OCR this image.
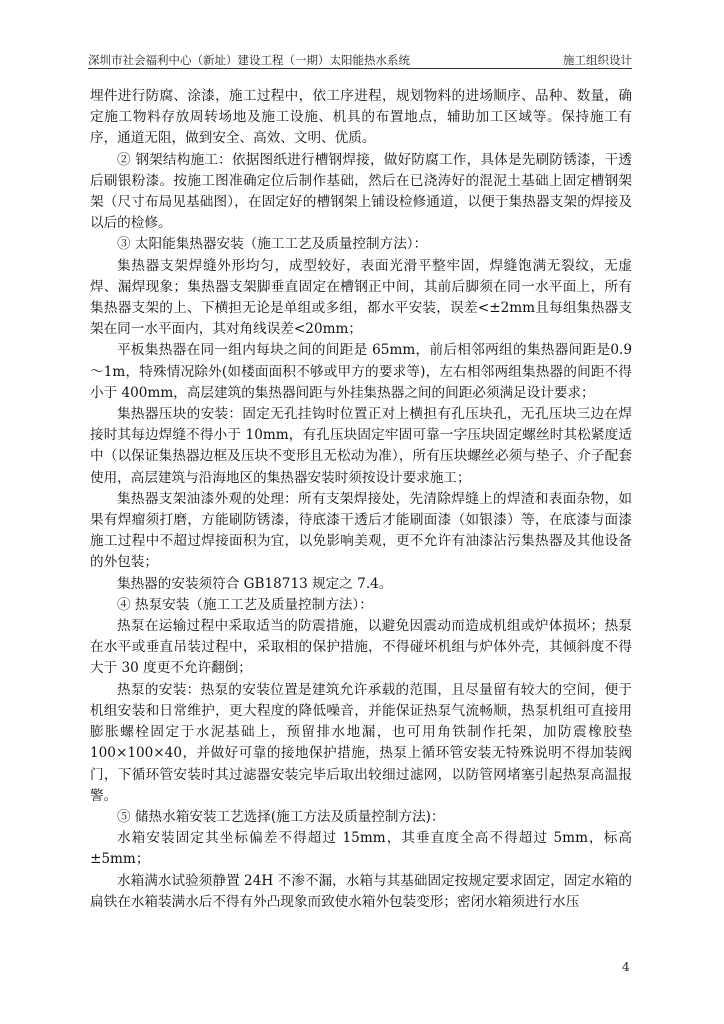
深圳市社会福利中心（新址）建设工程（一期）太阳能热水系统	施工组织设计

埋件进行防腐、涂漆，施工过程中，依工序进程，规划物料的进场顺序、品种、数量，确定施工物料存放周转场地及施工设施、机具的布置地点，辅助加工区域等。保持施工有序，通道无阻，做到安全、高效、文明、优质。

② 钢架结构施工：依据图纸进行槽钢焊接，做好防腐工作，具体是先刷防锈漆，干透后刷银粉漆。按施工图准确定位后制作基础，然后在已浇涛好的混泥土基础上固定槽钢架架（尺寸布局见基础图），在固定好的槽钢架上铺设检修通道，以便于集热器支架的焊接及以后的检修。

③ 太阳能集热器安装（施工工艺及质量控制方法）：

集热器支架焊缝外形均匀，成型较好，表面光滑平整牢固，焊缝饱满无裂纹，无虚焊、漏焊现象；集热器支架脚垂直固定在槽钢正中间，其前后脚须在同一水平面上，所有集热器支架的上、下横担无论是单组或多组，都水平安装，误差<±2mm且每组集热器支架在同一水平面内，其对角线误差<20mm；

平板集热器在同一组内每块之间的间距是 65mm，前后相邻两组的集热器间距是0.9～1m，特殊情况除外(如楼面面积不够或甲方的要求等)，左右相邻两组集热器的间距不得小于 400mm，高层建筑的集热器间距与外挂集热器之间的间距必须满足设计要求；

集热器压块的安装：固定无孔挂钩时位置正对上横担有孔压块孔，无孔压块三边在焊接时其每边焊缝不得小于 10mm，有孔压块固定牢固可靠一字压块固定螺丝时其松紧度适中（以保证集热器边框及压块不变形且无松动为准），所有压块螺丝必须与垫子、介子配套使用，高层建筑与沿海地区的集热器安装时须按设计要求施工；

集热器支架油漆外观的处理：所有支架焊接处，先清除焊缝上的焊渣和表面杂物，如果有焊瘤须打磨，方能刷防锈漆，待底漆干透后才能刷面漆（如银漆）等，在底漆与面漆施工过程中不超过焊接面积为宜，以免影响美观，更不允许有油漆沾污集热器及其他设备的外包装；

集热器的安装须符合 GB18713 规定之 7.4。

④ 热泵安装（施工工艺及质量控制方法）：

热泵在运输过程中采取适当的防震措施，以避免因震动而造成机组或炉体损坏；热泵在水平或垂直吊装过程中，采取相的保护措施，不得碰坏机组与炉体外壳，其倾斜度不得大于 30 度更不允许翻倒；

热泵的安装：热泵的安装位置是建筑允许承载的范围，且尽量留有较大的空间，便于机组安装和日常维护，更大程度的降低噪音，并能保证热泵气流畅顺，热泵机组可直接用膨胀螺栓固定于水泥基础上，预留排水地漏，也可用角铁制作托架，加防震橡胶垫 100×100×40，并做好可靠的接地保护措施，热泵上循环管安装无特殊说明不得加装阀门，下循环管安装时其过滤器安装完毕后取出较细过滤网，以防管网堵塞引起热泵高温报警。

⑤ 储热水箱安装工艺选择(施工方法及质量控制方法)：

水箱安装固定其坐标偏差不得超过 15mm，其垂直度全高不得超过 5mm，标高±5mm；

水箱满水试验须静置 24H 不渗不漏，水箱与其基础固定按规定要求固定，固定水箱的扁铁在水箱装满水后不得有外凸现象而致使水箱外包装变形；密闭水箱须进行水压

4
